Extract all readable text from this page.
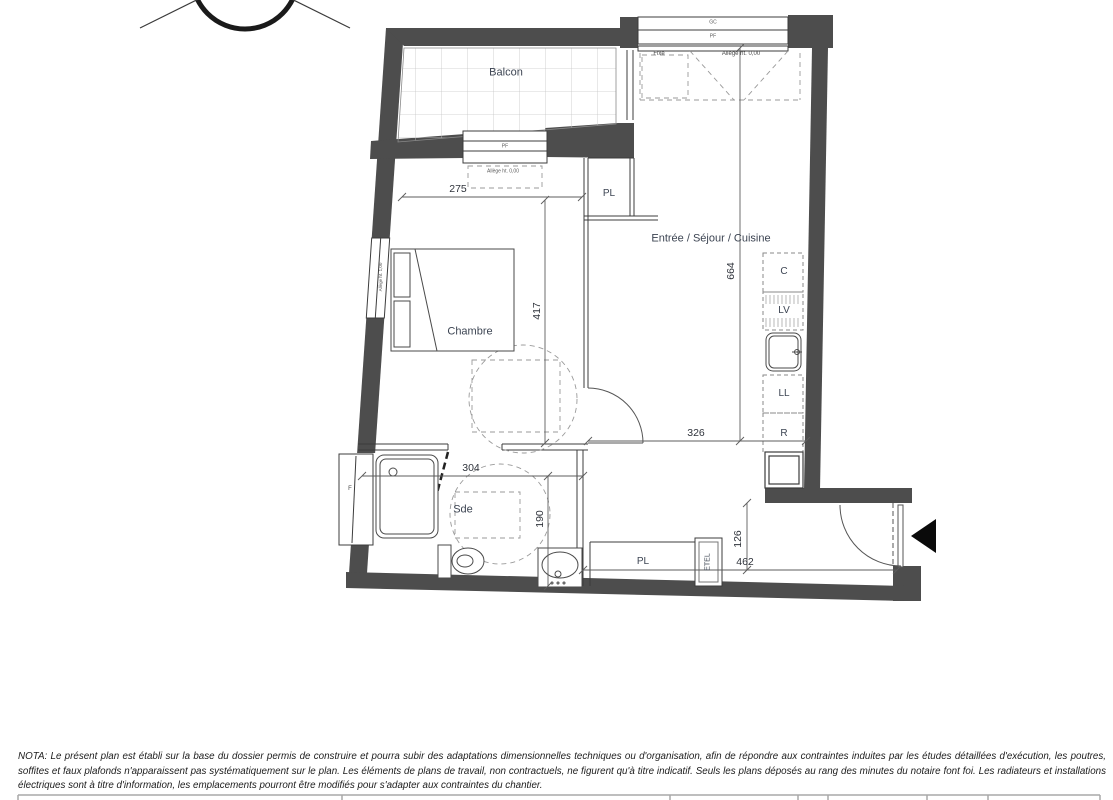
Balcon
Chambre
Entrée / Séjour / Cuisine
Sde
PL
PL	ETEL
C
LV
LL
R
GC
PF
Fixe	Allège ht. 0,00
PF
Allège ht. 0,00
Allège ht. 1,00
F
275
417
664
326
304
190
126
462
NOTA: Le présent plan est établi sur la base du dossier permis de construire et pourra subir des adaptations dimensionnelles techniques ou d'organisation, afin de répondre aux contraintes induites par les études détaillées d'exécution, les poutres, soffites et faux plafonds n'apparaissent pas systématiquement sur le plan. Les éléments de plans de travail, non contractuels, ne figurent qu'à titre indicatif. Seuls les plans déposés au rang des minutes du notaire font foi. Les radiateurs et installations électriques sont à titre d'information, les emplacements pourront être modifiés pour s'adapter aux contraintes du chantier.
